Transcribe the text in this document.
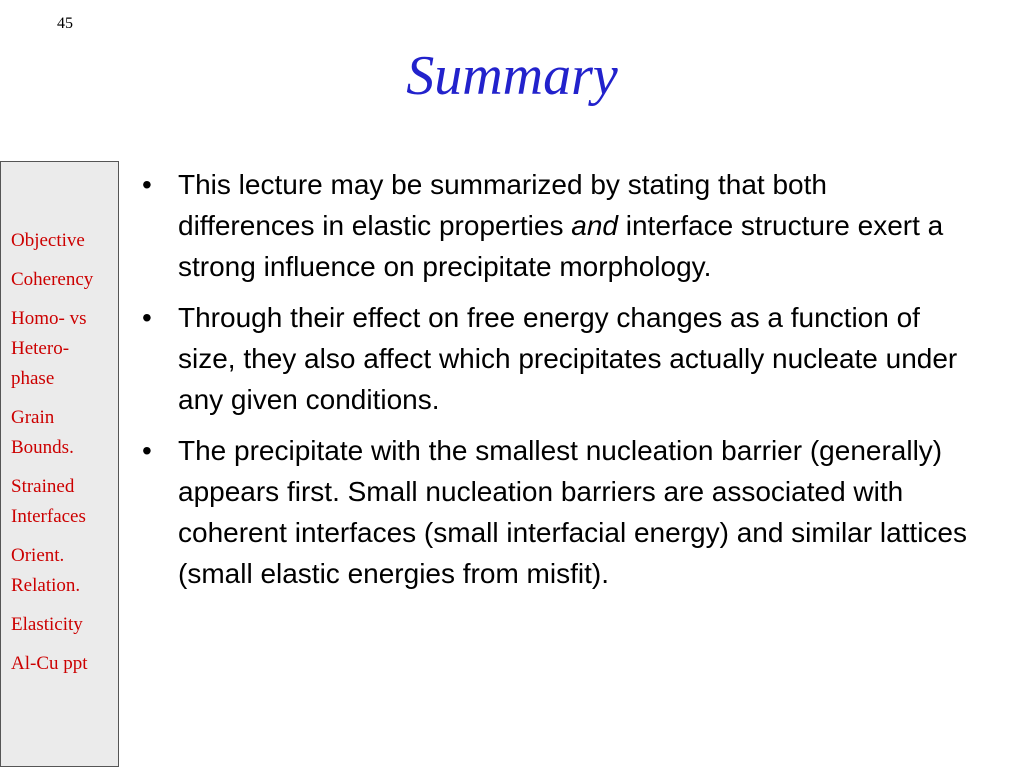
45
Summary
Objective
Coherency
Homo- vs
Hetero-
phase
Grain
Bounds.
Strained
Interfaces
Orient.
Relation.
Elasticity
Al-Cu ppt
• This lecture may be summarized by stating that both differences in elastic properties and interface structure exert a strong influence on precipitate morphology.
• Through their effect on free energy changes as a function of size, they also affect which precipitates actually nucleate under any given conditions.
• The precipitate with the smallest nucleation barrier (generally) appears first. Small nucleation barriers are associated with coherent interfaces (small interfacial energy) and similar lattices (small elastic energies from misfit).
